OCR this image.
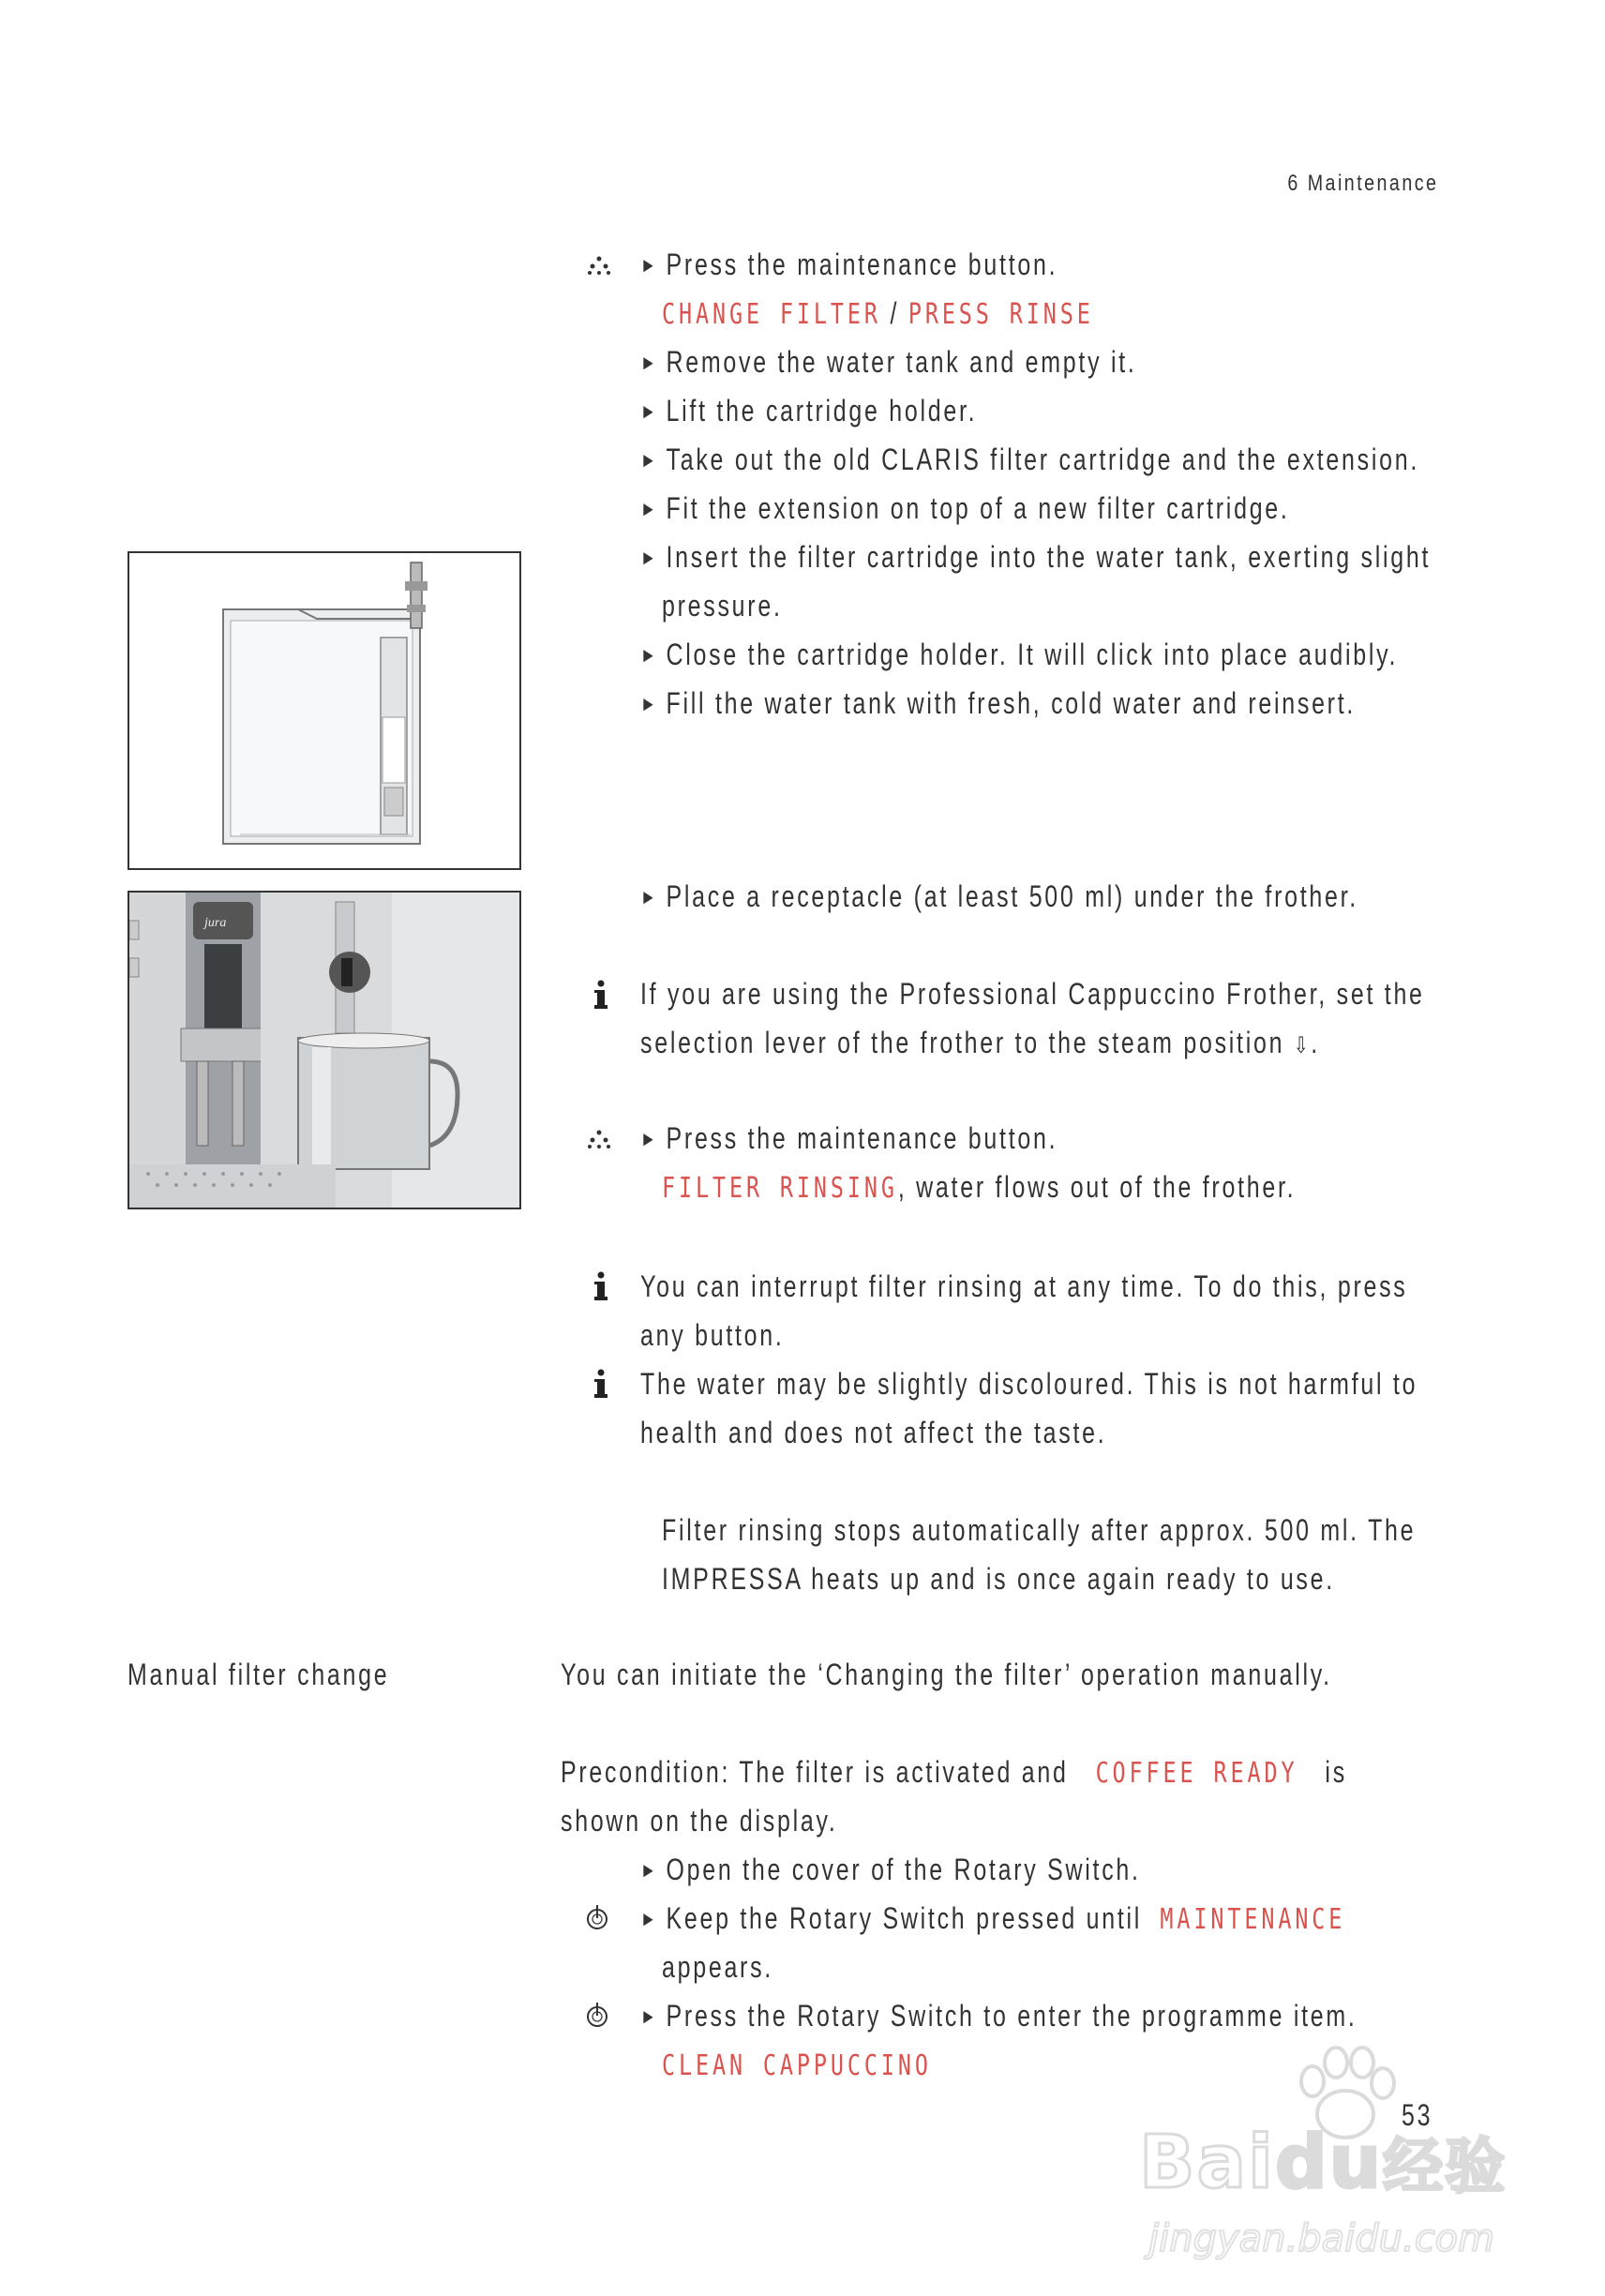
6 Maintenance
► Press the maintenance button.
CHANGE FILTER / PRESS RINSE
► Remove the water tank and empty it.
► Lift the cartridge holder.
► Take out the old CLARIS filter cartridge and the extension.
► Fit the extension on top of a new filter cartridge.
► Insert the filter cartridge into the water tank, exerting slight
pressure.
► Close the cartridge holder. It will click into place audibly.
► Fill the water tank with fresh, cold water and reinsert.
► Place a receptacle (at least 500 ml) under the frother.
jura
If you are using the Professional Cappuccino Frother, set the
selection lever of the frother to the steam position ⇩.
► Press the maintenance button.
FILTER RINSING, water flows out of the frother.
You can interrupt filter rinsing at any time. To do this, press
any button.
The water may be slightly discoloured. This is not harmful to
health and does not affect the taste.
Filter rinsing stops automatically after approx. 500 ml. The
IMPRESSA heats up and is once again ready to use.
Manual filter change	You can initiate the ‘Changing the filter’ operation manually.
Precondition: The filter is activated and COFFEE READY is
shown on the display.
► Open the cover of the Rotary Switch.
► Keep the Rotary Switch pressed until MAINTENANCE
appears.
► Press the Rotary Switch to enter the programme item.
CLEAN CAPPUCCINO
Baidu经验
jingyan.baidu.com
53
